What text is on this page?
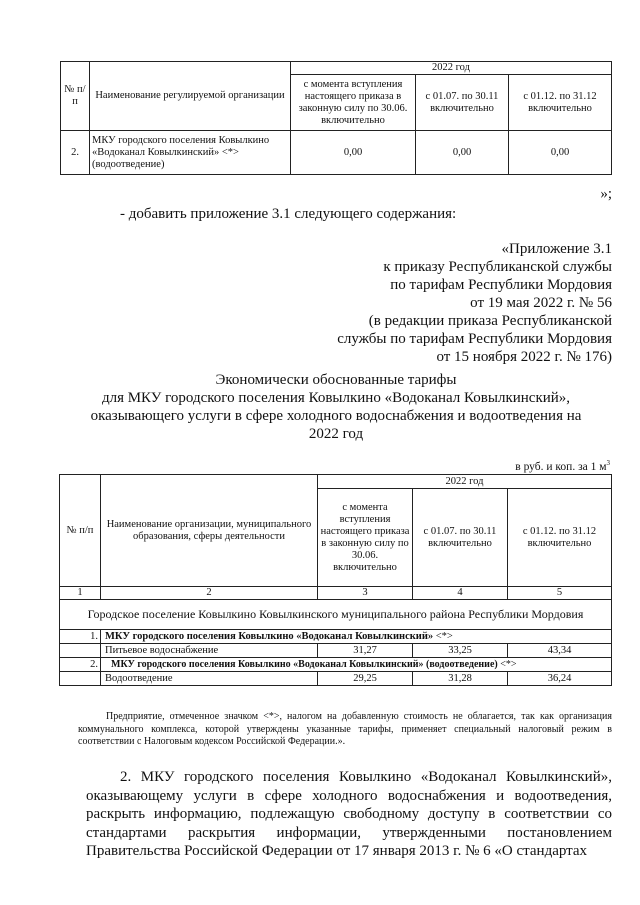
№ п/ п	Наименование регулируемой организации	2022 год		
		с момента вступления настоящего приказа в законную силу по 30.06. включительно	с 01.07. по 30.11 включительно	с 01.12. по 31.12 включительно
2.	МКУ городского поселения Ковылкино «Водоканал Ковылкинский» <*> (водоотведение)	0,00	0,00	0,00
»;
- добавить приложение 3.1 следующего содержания:
«Приложение 3.1
к приказу Республиканской службы
по тарифам Республики Мордовия
от 19 мая 2022 г. № 56
(в редакции приказа Республиканской
службы по тарифам Республики Мордовия
от 15 ноября 2022 г. № 176)
Экономически обоснованные тарифы
для МКУ городского поселения Ковылкино «Водоканал Ковылкинский»,
оказывающего услуги в сфере холодного водоснабжения и водоотведения на
2022 год
в руб. и коп. за 1 $м^3$
№ п/п	Наименование организации, муниципального образования, сферы деятельности	2022 год		
		с момента вступления настоящего приказа в законную силу по 30.06. включительно	с 01.07. по 30.11 включительно	с 01.12. по 31.12 включительно
1	2	3	4	5
Городское поселение Ковылкино Ковылкинского муниципального района Республики Мордовия				
1.	МКУ городского поселения Ковылкино «Водоканал Ковылкинский» <*>			
	Питьевое водоснабжение	31,27	33,25	43,34
2.	МКУ городского поселения Ковылкино «Водоканал Ковылкинский» (водоотведение) <*>			
	Водоотведение	29,25	31,28	36,24
Предприятие, отмеченное значком <*>, налогом на добавленную стоимость не облагается, так как организация коммунального комплекса, которой утверждены указанные тарифы, применяет специальный налоговый режим в соответствии с Налоговым кодексом Российской Федерации.».
2. МКУ городского поселения Ковылкино «Водоканал Ковылкинский», оказывающему услуги в сфере холодного водоснабжения и водоотведения, раскрыть информацию, подлежащую свободному доступу в соответствии со стандартами раскрытия информации, утвержденными постановлением Правительства Российской Федерации от 17 января 2013 г. № 6 «О стандартах
